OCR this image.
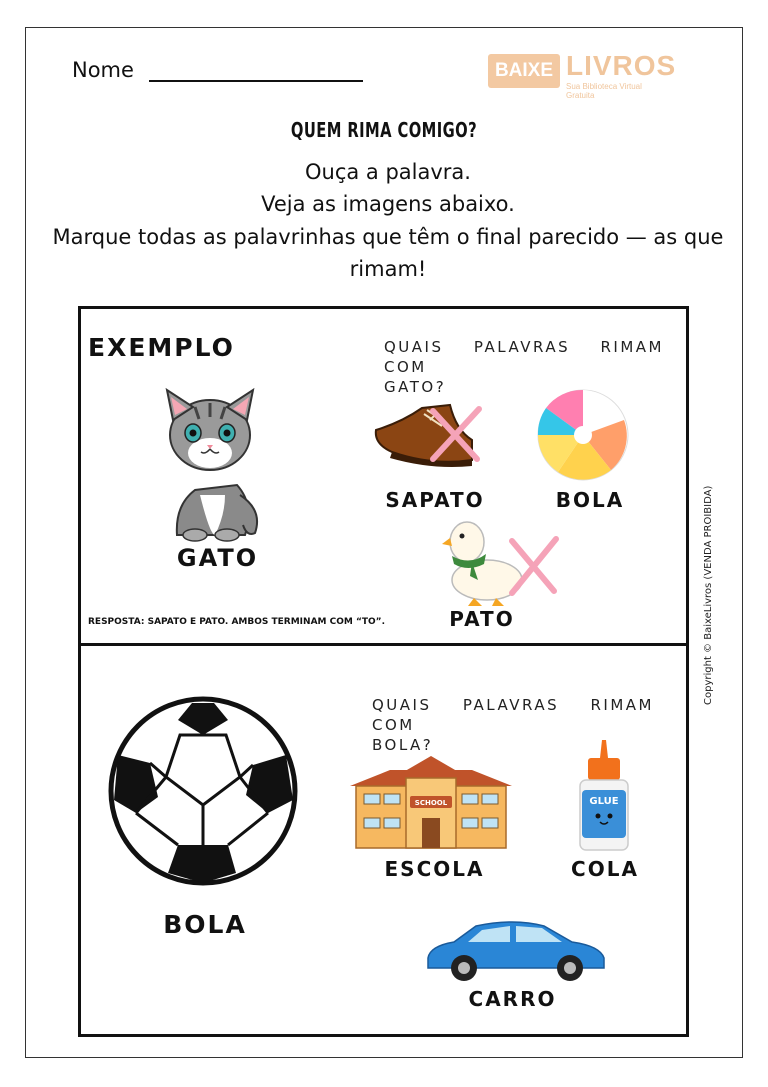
Nome	BAIXE LIVROS
Sua Biblioteca Virtual Gratuita
QUEM RIMA COMIGO?
Ouça a palavra.
Veja as imagens abaixo.
Marque todas as palavrinhas que têm o final parecido — as que
rimam!
EXEMPLO	QUAIS PALAVRAS RIMAM COM
GATO?
GATO
SAPATO	BOLA
PATO
RESPOSTA: SAPATO E PATO. AMBOS TERMINAM COM “TO”.
QUAIS PALAVRAS RIMAM COM
BOLA?
BOLA
SCHOOL
ESCOLA
GLUE
COLA
CARRO
Copyright © BaixeLivros (VENDA PROIBIDA)
